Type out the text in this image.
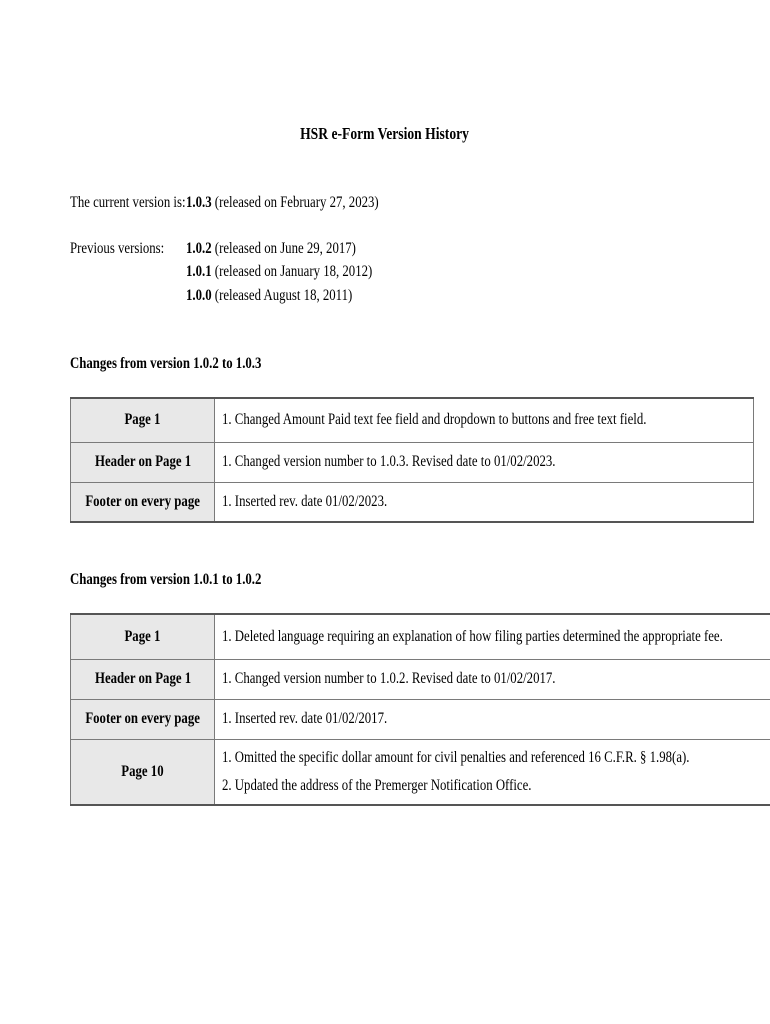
HSR e-Form Version History
The current version is: 1.0.3 (released on February 27, 2023)
Previous versions:	1.0.2 (released on June 29, 2017)
1.0.1 (released on January 18, 2012)
1.0.0 (released August 18, 2011)
Changes from version 1.0.2 to 1.0.3
Page 1	1. Changed Amount Paid text fee field and dropdown to buttons and free text field.

Header on Page 1	1. Changed version number to 1.0.3. Revised date to 01/02/2023.

Footer on every page	1. Inserted rev. date 01/02/2023.
Changes from version 1.0.1 to 1.0.2
Page 1	1. Deleted language requiring an explanation of how filing parties determined the appropriate fee.

Header on Page 1	1. Changed version number to 1.0.2. Revised date to 01/02/2017.

Footer on every page	1. Inserted rev. date 01/02/2017.

Page 10	1. Omitted the specific dollar amount for civil penalties and referenced 16 C.F.R. § 1.98(a).
2. Updated the address of the Premerger Notification Office.
